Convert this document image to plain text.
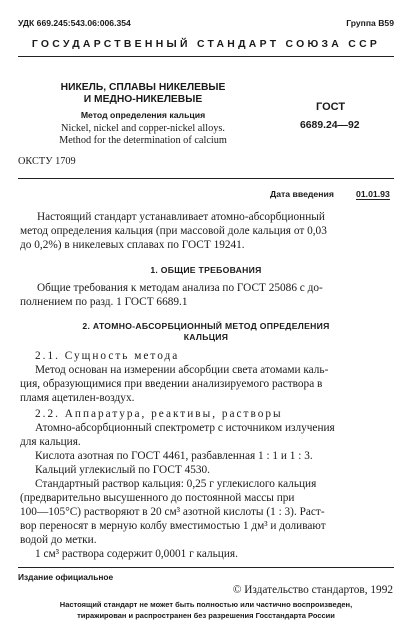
УДК 669.245:543.06:006.354	Группа В59
ГОСУДАРСТВЕННЫЙ СТАНДАРТ СОЮЗА ССР
НИКЕЛЬ, СПЛАВЫ НИКЕЛЕВЫЕ
И МЕДНО-НИКЕЛЕВЫЕ
Метод определения кальция
Nickel, nickel and copper-nickel alloys.
Method for the determination of calcium
ГОСТ
6689.24—92
ОКСТУ 1709
Дата введения	01.01.93
Настоящий стандарт устанавливает атомно-абсорбционный
метод определения кальция (при массовой доле кальция от 0,03
до 0,2%) в никелевых сплавах по ГОСТ 19241.
1. ОБЩИЕ ТРЕБОВАНИЯ
Общие требования к методам анализа по ГОСТ 25086 с до-
полнением по разд. 1 ГОСТ 6689.1
2. АТОМНО-АБСОРБЦИОННЫЙ МЕТОД ОПРЕДЕЛЕНИЯ
КАЛЬЦИЯ
2.1. Сущность метода
Метод основан на измерении абсорбции света атомами каль-
ция, образующимися при введении анализируемого раствора в
пламя ацетилен-воздух.
2.2. Аппаратура, реактивы, растворы
Атомно-абсорбционный спектрометр с источником излучения
для кальция.
Кислота азотная по ГОСТ 4461, разбавленная 1 : 1 и 1 : 3.
Кальций углекислый по ГОСТ 4530.
Стандартный раствор кальция: 0,25 г углекислого кальция
(предварительно высушенного до постоянной массы при
100—105°С) растворяют в 20 см³ азотной кислоты (1 : 3). Раст-
вор переносят в мерную колбу вместимостью 1 дм³ и доливают
водой до метки.
1 см³ раствора содержит 0,0001 г кальция.
Издание официальное
© Издательство стандартов, 1992
Настоящий стандарт не может быть полностью или частично воспроизведен,
тиражирован и распространен без разрешения Госстандарта России
